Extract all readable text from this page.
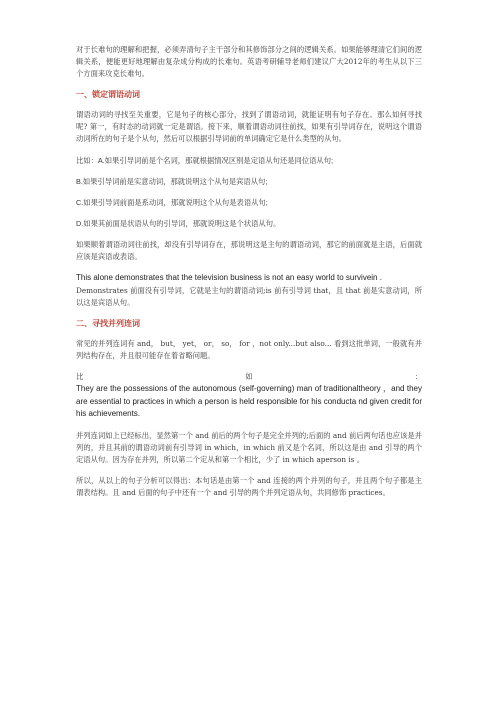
对于长难句的理解和把握，必须弄清句子主干部分和其修饰部分之间的逻辑关系。如果能够理清它们间的逻辑关系，便能更好地理解由复杂成分构成的长难句。英语考研辅导老师们建议广大2012年的考生从以下三个方面来攻克长难句。

一、锁定谓语动词

谓语动词的寻找至关重要，它是句子的核心部分，找到了谓语动词，就能证明有句子存在。那么如何寻找呢? 第一，有时态的动词就一定是谓语。接下来，顺着谓语动词往前找，如果有引导词存在，说明这个谓语动词所在的句子是个从句，然后可以根据引导词前的单词确定它是什么类型的从句。

比如：A.如果引导词前是个名词，那就根据情况区别是定语从句还是同位语从句;

B.如果引导词前是实意动词，那就说明这个从句是宾语从句;

C.如果引导词前面是系动词，那就说明这个从句是表语从句;

D.如果其前面是状语从句的引导词，那就说明这是个状语从句。

如果顺着谓语动词往前找，却没有引导词存在，那说明这是主句的谓语动词，那它的前面就是主语，后面就应该是宾语或表语。

This alone demonstrates that the television business is not an easy world to survivein .

Demonstrates 前面没有引导词，它就是主句的谓语动词;is 前有引导词 that，且 that 前是实意动词，所以这是宾语从句。

二、寻找并列连词

常见的并列连词有 and， but， yet， or， so， for ，not only...but also... 看到这批单词，一般就有并列结构存在，并且很可能存在着省略问题。

比	如	：

They are the possessions of the autonomous (self-governing) man of traditionaltheory ，and they are essential to practices in which a person is held responsible for his conducta nd given credit for his achievements.

并列连词如上已经标出，显然第一个 and 前后的两个句子是完全并列的;后面的 and 前后两句话也应该是并列的，并且其前的谓语动词前有引导词 in which，in which 前又是个名词，所以这是由 and 引导的两个定语从句。因为存在并列，所以第二个定从和第一个相比，少了 in which aperson is 。

所以，从以上的句子分析可以得出：本句话是由第一个 and 连接的两个并列的句子，并且两个句子都是主谓表结构。且 and 后面的句子中还有一个 and 引导的两个并列定语从句，共同修饰 practices。
